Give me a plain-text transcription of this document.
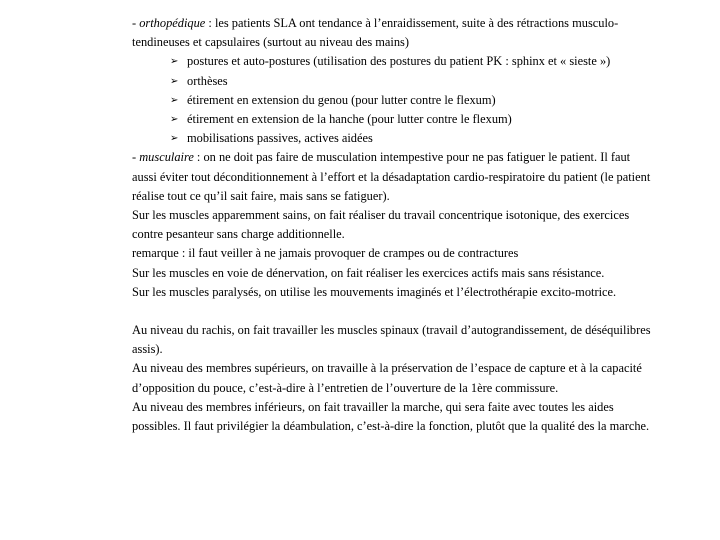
- orthopédique : les patients SLA ont tendance à l’enraidissement, suite à des rétractions musculo-tendineuses et capsulaires (surtout au niveau des mains)

➢ postures et auto-postures (utilisation des postures du patient PK : sphinx et « sieste »)
➢ orthèses
➢ étirement en extension du genou (pour lutter contre le flexum)
➢ étirement en extension de la hanche (pour lutter contre le flexum)
➢ mobilisations passives, actives aidées

- musculaire : on ne doit pas faire de musculation intempestive pour ne pas fatiguer le patient. Il faut aussi éviter tout déconditionnement à l’effort et la désadaptation cardio-respiratoire du patient (le patient réalise tout ce qu’il sait faire, mais sans se fatiguer).

Sur les muscles apparemment sains, on fait réaliser du travail concentrique isotonique, des exercices contre pesanteur sans charge additionnelle.

remarque : il faut veiller à ne jamais provoquer de crampes ou de contractures

Sur les muscles en voie de dénervation, on fait réaliser les exercices actifs mais sans résistance.

Sur les muscles paralysés, on utilise les mouvements imaginés et l’électrothérapie excito-motrice.

Au niveau du rachis, on fait travailler les muscles spinaux (travail d’autograndissement, de déséquilibres assis).

Au niveau des membres supérieurs, on travaille à la préservation de l’espace de capture et à la capacité d’opposition du pouce, c’est-à-dire à l’entretien de l’ouverture de la 1ère commissure.

Au niveau des membres inférieurs, on fait travailler la marche, qui sera faite avec toutes les aides possibles. Il faut privilégier la déambulation, c’est-à-dire la fonction, plutôt que la qualité des la marche.
